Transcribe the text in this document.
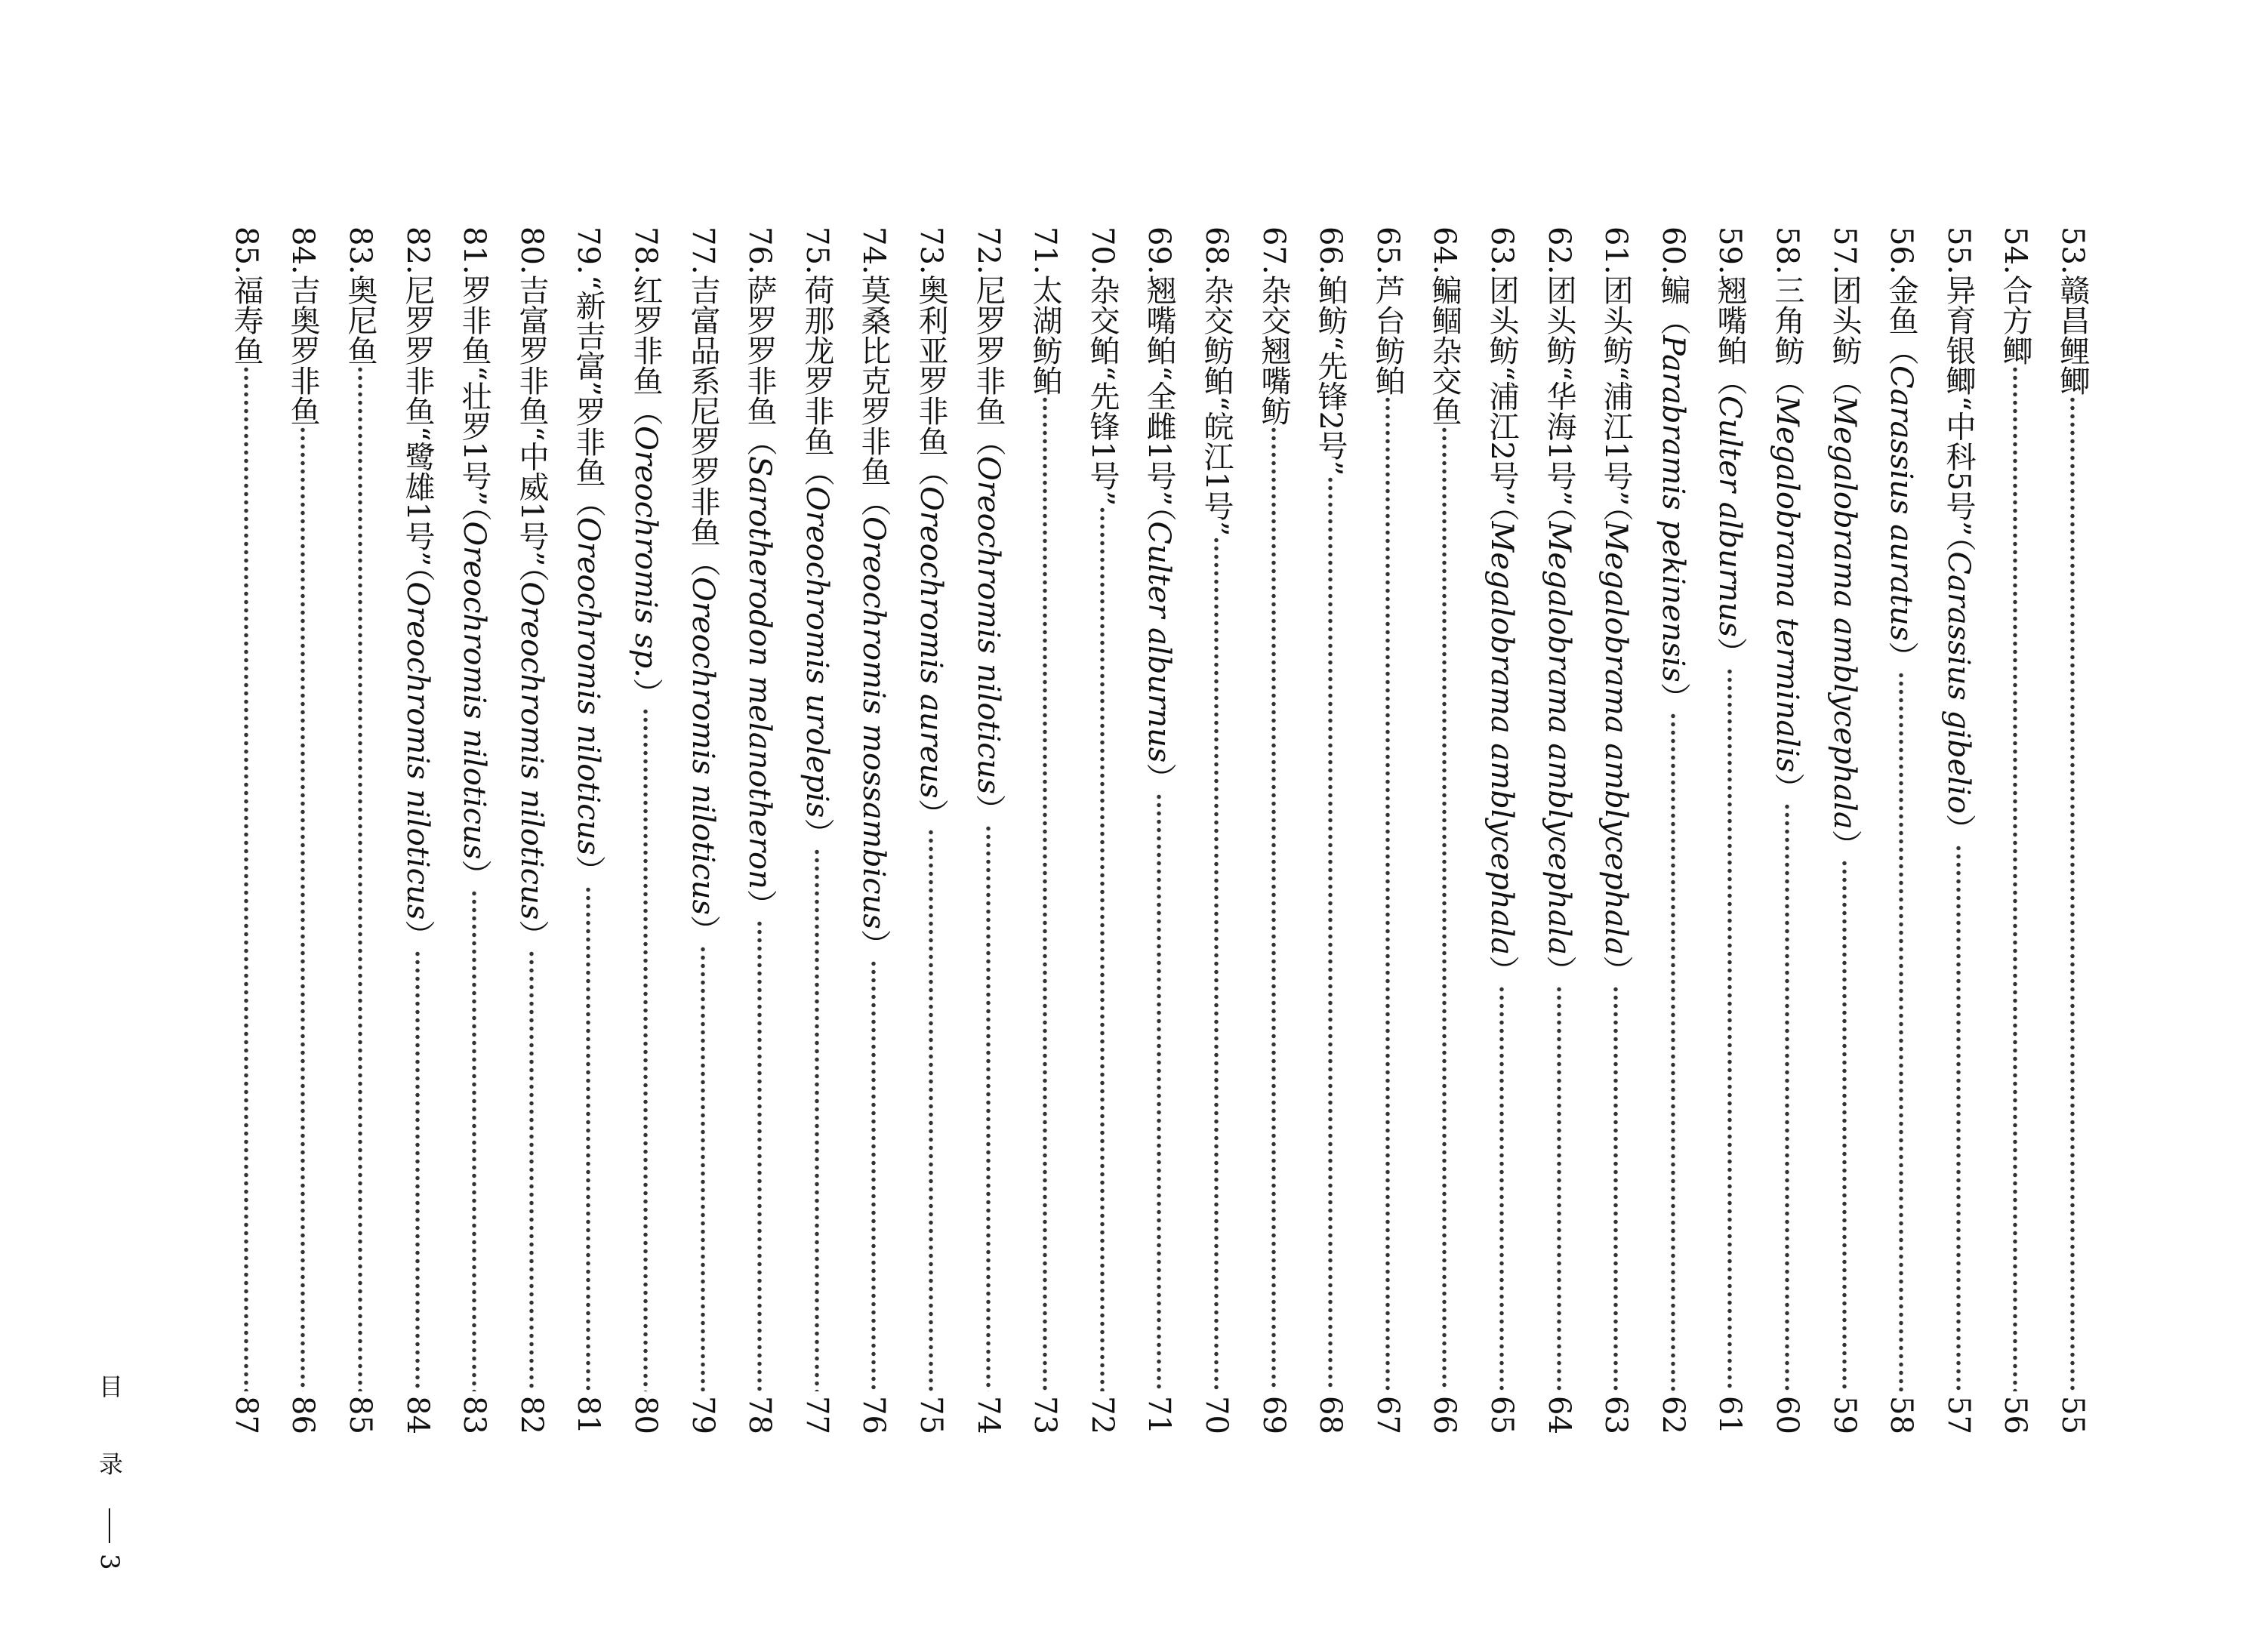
53.
赣昌鲤鲫
55
54.
合方鲫
56
55.
异育银鲫“中科5号”（Carassius gibelio）
57
56.
金鱼（Carassius auratus）
58
57.
团头鲂（Megalobrama amblycephala）
59
58.
三角鲂（Megalobrama terminalis）
60
59.
翘嘴鲌（Culter alburnus）
61
60.
鳊（Parabramis pekinensis）
62
61.
团头鲂“浦江1号”（Megalobrama amblycephala）
63
62.
团头鲂“华海1号”（Megalobrama amblycephala）
64
63.
团头鲂“浦江2号”（Megalobrama amblycephala）
65
64.
鳊鲴杂交鱼
66
65.
芦台鲂鲌
67
66.
鲌鲂“先锋2号”
68
67.
杂交翘嘴鲂
69
68.
杂交鲂鲌“皖江1号”
70
69.
翘嘴鲌“全雌1号”（Culter alburnus）
71
70.
杂交鲌“先锋1号”
72
71.
太湖鲂鲌
73
72.
尼罗罗非鱼（Oreochromis niloticus）
74
73.
奥利亚罗非鱼（Oreochromis aureus）
75
74.
莫桑比克罗非鱼（Oreochromis mossambicus）
76
75.
荷那龙罗非鱼（Oreochromis urolepis）
77
76.
萨罗罗非鱼（Sarotherodon melanotheron）
78
77.
吉富品系尼罗罗非鱼（Oreochromis niloticus）
79
78.
红罗非鱼（Oreochromis sp.）
80
79.
“新吉富”罗非鱼（Oreochromis niloticus）
81
80.
吉富罗非鱼“中威1号”（Oreochromis niloticus）
82
81.
罗非鱼“壮罗1号”（Oreochromis niloticus）
83
82.
尼罗罗非鱼“鹭雄1号”（Oreochromis niloticus）
84
83.
奥尼鱼
85
84.
吉奥罗非鱼
86
85.
福寿鱼
87
目 录
3
